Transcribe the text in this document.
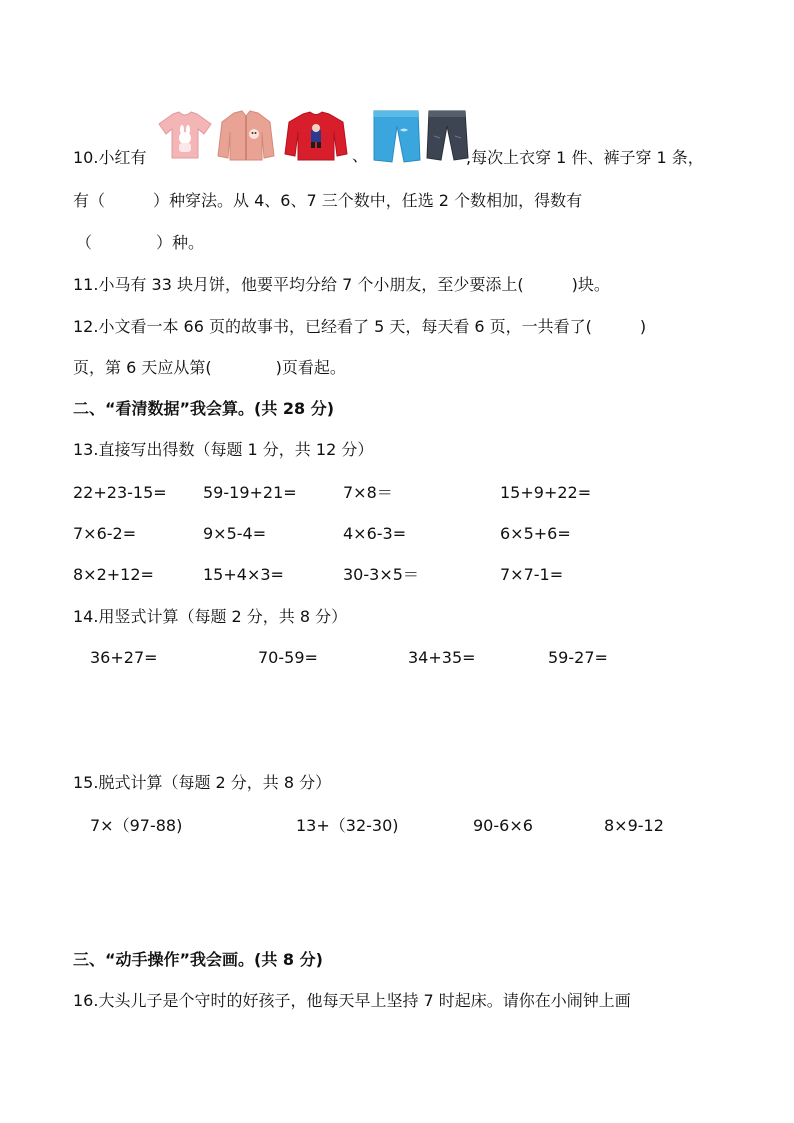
10.小红有	、	,每次上衣穿 1 件、裤子穿 1 条，
有（　　　）种穿法。从 4、6、7 三个数中，任选 2 个数相加，得数有
（　　　　）种。
11.小马有 33 块月饼，他要平均分给 7 个小朋友，至少要添上(　　　)块。
12.小文看一本 66 页的故事书，已经看了 5 天，每天看 6 页，一共看了(　　　)
页，第 6 天应从第(　　　　)页看起。
二、“看清数据”我会算。(共 28 分)
13.直接写出得数（每题 1 分，共 12 分）
22+23-15= 59-19+21=	7×8＝	15+9+22=
7×6-2=	9×5-4=	4×6-3=	6×5+6=
8×2+12=	15+4×3=	30-3×5＝	7×7-1=
14.用竖式计算（每题 2 分，共 8 分）
36+27=	70-59=	34+35=	59-27=
15.脱式计算（每题 2 分，共 8 分）
7×（97-88)	13+（32-30)	90-6×6	8×9-12
三、“动手操作”我会画。(共 8 分)
16.大头儿子是个守时的好孩子，他每天早上坚持 7 时起床。请你在小闹钟上画
